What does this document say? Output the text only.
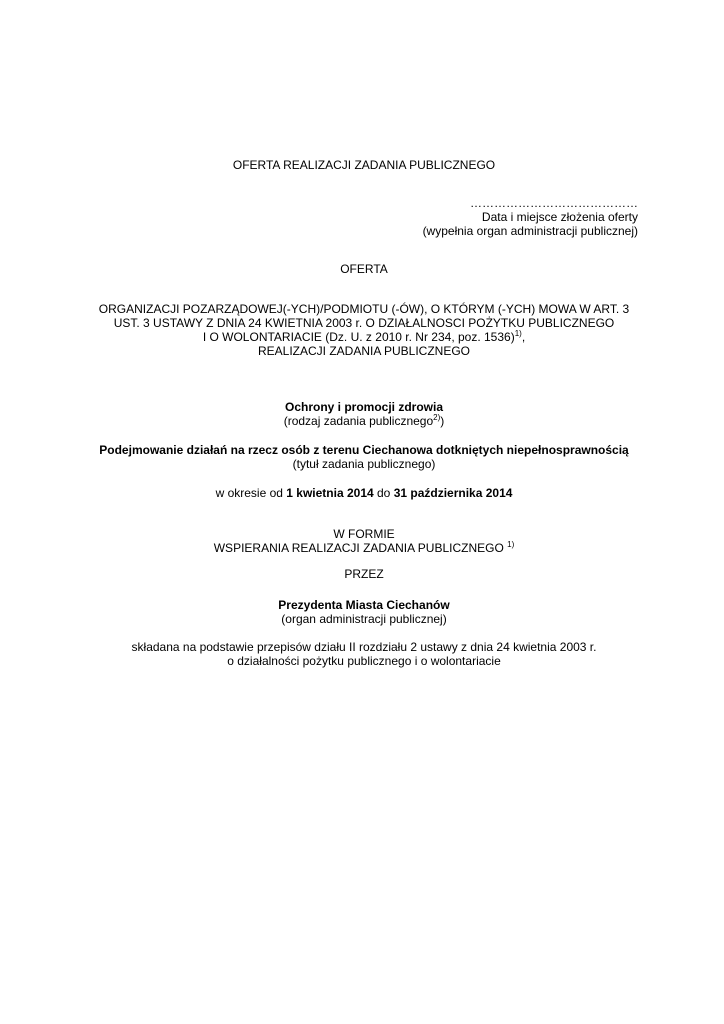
OFERTA REALIZACJI ZADANIA PUBLICZNEGO
……………………………………
Data i miejsce złożenia oferty
(wypełnia organ administracji publicznej)
OFERTA
ORGANIZACJI POZARZĄDOWEJ(-YCH)/PODMIOTU (-ÓW), O KTÓRYM (-YCH) MOWA W ART. 3
UST. 3 USTAWY Z DNIA 24 KWIETNIA 2003 r. O DZIAŁALNOSCI POŻYTKU PUBLICZNEGO
I O WOLONTARIACIE (Dz. U. z 2010 r. Nr 234, poz. 1536)$^{1)}$,
REALIZACJI ZADANIA PUBLICZNEGO
Ochrony i promocji zdrowia
(rodzaj zadania publicznego$^{2)}$)
Podejmowanie działań na rzecz osób z terenu Ciechanowa dotkniętych niepełnosprawnością
(tytuł zadania publicznego)
w okresie od 1 kwietnia 2014 do 31 października 2014
W FORMIE
WSPIERANIA REALIZACJI ZADANIA PUBLICZNEGO $^{1)}$
PRZEZ
Prezydenta Miasta Ciechanów
(organ administracji publicznej)
składana na podstawie przepisów działu II rozdziału 2 ustawy z dnia 24 kwietnia 2003 r.
o działalności pożytku publicznego i o wolontariacie
